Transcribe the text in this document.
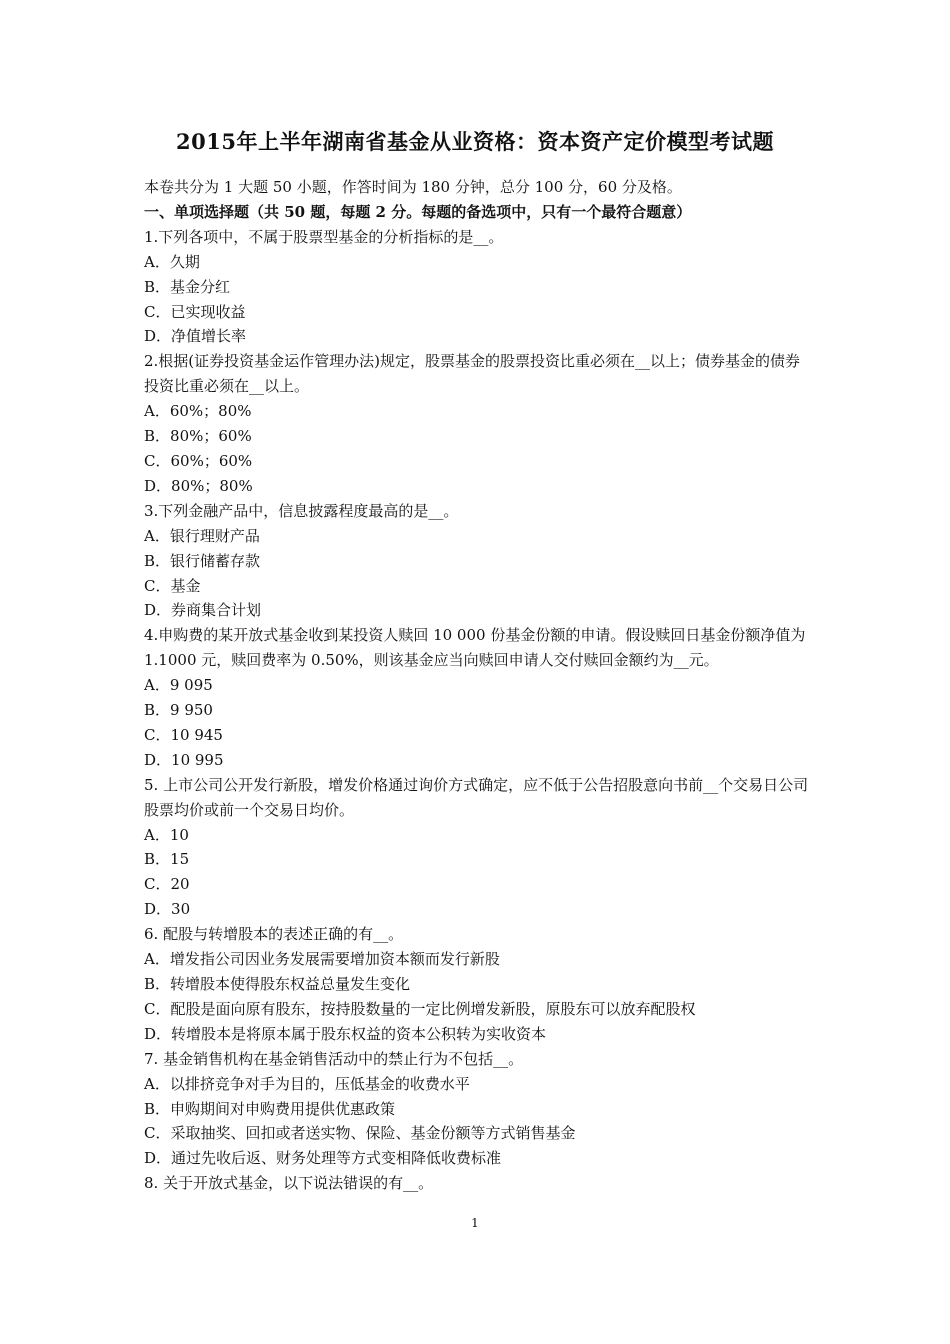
2015年上半年湖南省基金从业资格：资本资产定价模型考试题
本卷共分为 1 大题 50 小题，作答时间为 180 分钟，总分 100 分，60 分及格。
一、单项选择题（共 50 题，每题 2 分。每题的备选项中，只有一个最符合题意）
1.下列各项中，不属于股票型基金的分析指标的是__。
A．久期
B．基金分红
C．已实现收益
D．净值增长率
2.根据(证券投资基金运作管理办法)规定，股票基金的股票投资比重必须在__以上；债券基金的债券投资比重必须在__以上。
A．60%；80%
B．80%；60%
C．60%；60%
D．80%；80%
3.下列金融产品中，信息披露程度最高的是__。
A．银行理财产品
B．银行储蓄存款
C．基金
D．券商集合计划
4.申购费的某开放式基金收到某投资人赎回 10 000 份基金份额的申请。假设赎回日基金份额净值为 1.1000 元，赎回费率为 0.50%，则该基金应当向赎回申请人交付赎回金额约为__元。
A．9 095
B．9 950
C．10 945
D．10 995
5. 上市公司公开发行新股，增发价格通过询价方式确定，应不低于公告招股意向书前__个交易日公司股票均价或前一个交易日均价。
A．10
B．15
C．20
D．30
6. 配股与转增股本的表述正确的有__。
A．增发指公司因业务发展需要增加资本额而发行新股
B．转增股本使得股东权益总量发生变化
C．配股是面向原有股东，按持股数量的一定比例增发新股，原股东可以放弃配股权
D．转增股本是将原本属于股东权益的资本公积转为实收资本
7. 基金销售机构在基金销售活动中的禁止行为不包括__。
A．以排挤竞争对手为目的，压低基金的收费水平
B．申购期间对申购费用提供优惠政策
C．采取抽奖、回扣或者送实物、保险、基金份额等方式销售基金
D．通过先收后返、财务处理等方式变相降低收费标准
8. 关于开放式基金，以下说法错误的有__。
1
